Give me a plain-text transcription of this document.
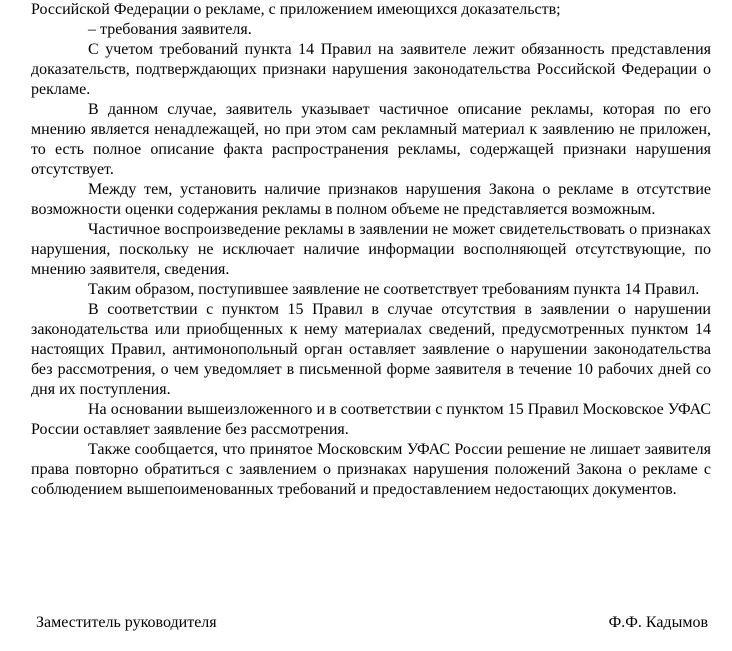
Российской Федерации о рекламе, с приложением имеющихся доказательств;

– требования заявителя.

С учетом требований пункта 14 Правил на заявителе лежит обязанность представления доказательств, подтверждающих признаки нарушения законодательства Российской Федерации о рекламе.

В данном случае, заявитель указывает частичное описание рекламы, которая по его мнению является ненадлежащей, но при этом сам рекламный материал к заявлению не приложен, то есть полное описание факта распространения рекламы, содержащей признаки нарушения отсутствует.

Между тем, установить наличие признаков нарушения Закона о рекламе в отсутствие возможности оценки содержания рекламы в полном объеме не представляется возможным.

Частичное воспроизведение рекламы в заявлении не может свидетельствовать о признаках нарушения, поскольку не исключает наличие информации восполняющей отсутствующие, по мнению заявителя, сведения.

Таким образом, поступившее заявление не соответствует требованиям пункта 14 Правил.

В соответствии с пунктом 15 Правил в случае отсутствия в заявлении о нарушении законодательства или приобщенных к нему материалах сведений, предусмотренных пунктом 14 настоящих Правил, антимонопольный орган оставляет заявление о нарушении законодательства без рассмотрения, о чем уведомляет в письменной форме заявителя в течение 10 рабочих дней со дня их поступления.

На основании вышеизложенного и в соответствии с пунктом 15 Правил Московское УФАС России оставляет заявление без рассмотрения.

Также сообщается, что принятое Московским УФАС России решение не лишает заявителя права повторно обратиться с заявлением о признаках нарушения положений Закона о рекламе с соблюдением вышепоименованных требований и предоставлением недостающих документов.

Заместитель руководителя	Ф.Ф. Кадымов
